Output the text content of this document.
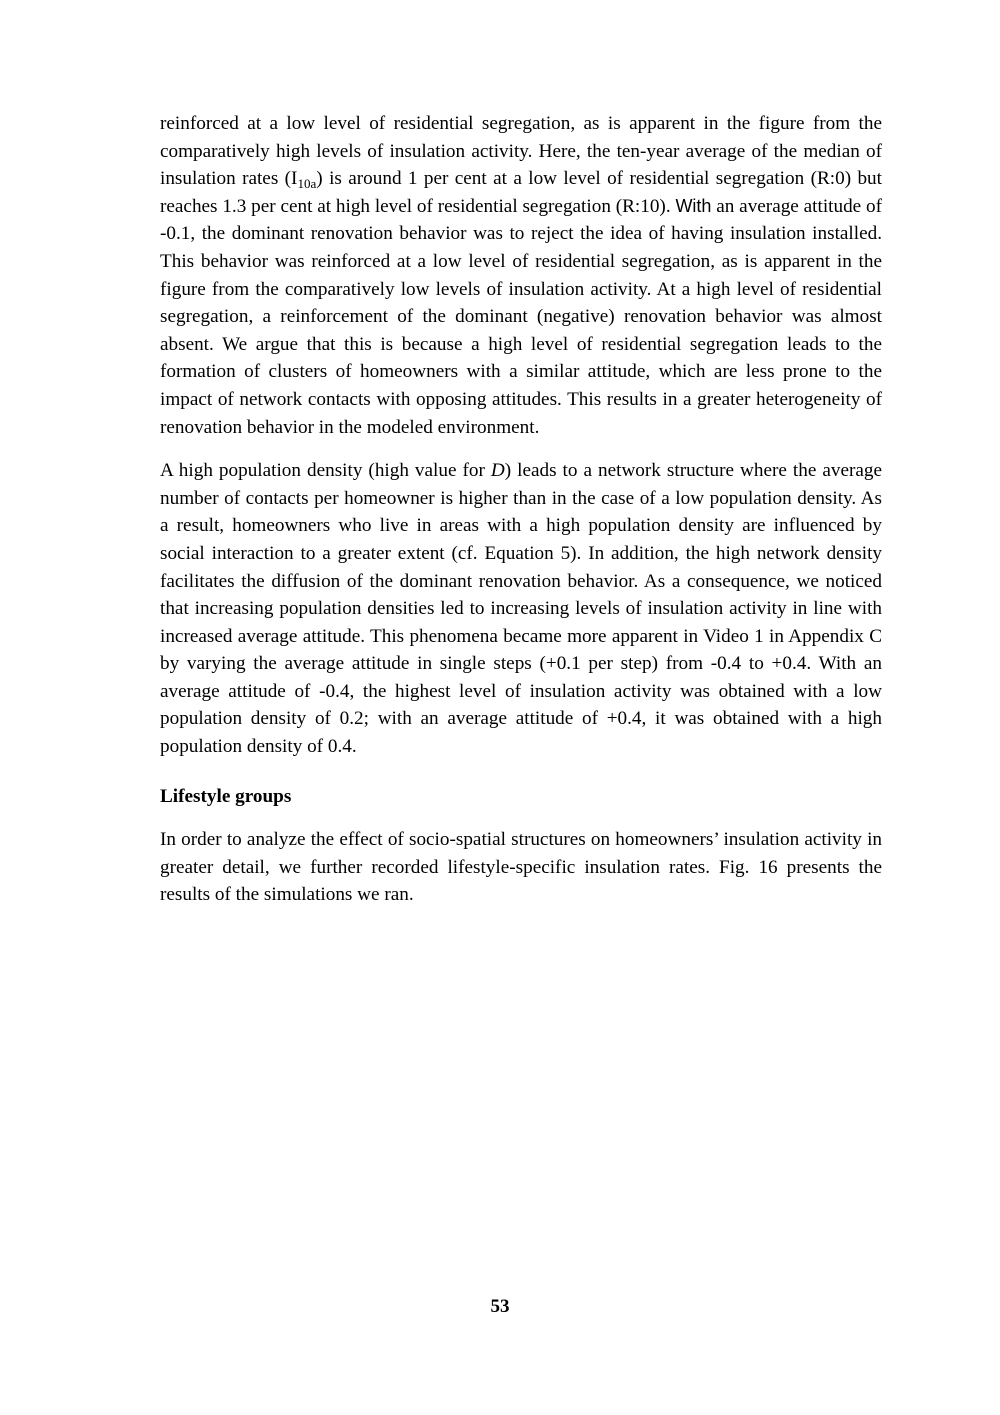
reinforced at a low level of residential segregation, as is apparent in the figure from the comparatively high levels of insulation activity. Here, the ten-year average of the median of insulation rates $(I_{10a})$ is around 1 per cent at a low level of residential segregation (R:0) but reaches 1.3 per cent at high level of residential segregation (R:10). With an average attitude of -0.1, the dominant renovation behavior was to reject the idea of having insulation installed. This behavior was reinforced at a low level of residential segregation, as is apparent in the figure from the comparatively low levels of insulation activity. At a high level of residential segregation, a reinforcement of the dominant (negative) renovation behavior was almost absent. We argue that this is because a high level of residential segregation leads to the formation of clusters of homeowners with a similar attitude, which are less prone to the impact of network contacts with opposing attitudes. This results in a greater heterogeneity of renovation behavior in the modeled environment.

A high population density (high value for D) leads to a network structure where the average number of contacts per homeowner is higher than in the case of a low population density. As a result, homeowners who live in areas with a high population density are influenced by social interaction to a greater extent (cf. Equation 5). In addition, the high network density facilitates the diffusion of the dominant renovation behavior. As a consequence, we noticed that increasing population densities led to increasing levels of insulation activity in line with increased average attitude. This phenomena became more apparent in Video 1 in Appendix C by varying the average attitude in single steps (+0.1 per step) from -0.4 to +0.4. With an average attitude of -0.4, the highest level of insulation activity was obtained with a low population density of 0.2; with an average attitude of +0.4, it was obtained with a high population density of 0.4.

Lifestyle groups

In order to analyze the effect of socio-spatial structures on homeowners’ insulation activity in greater detail, we further recorded lifestyle-specific insulation rates. Fig. 16 presents the results of the simulations we ran.

53
